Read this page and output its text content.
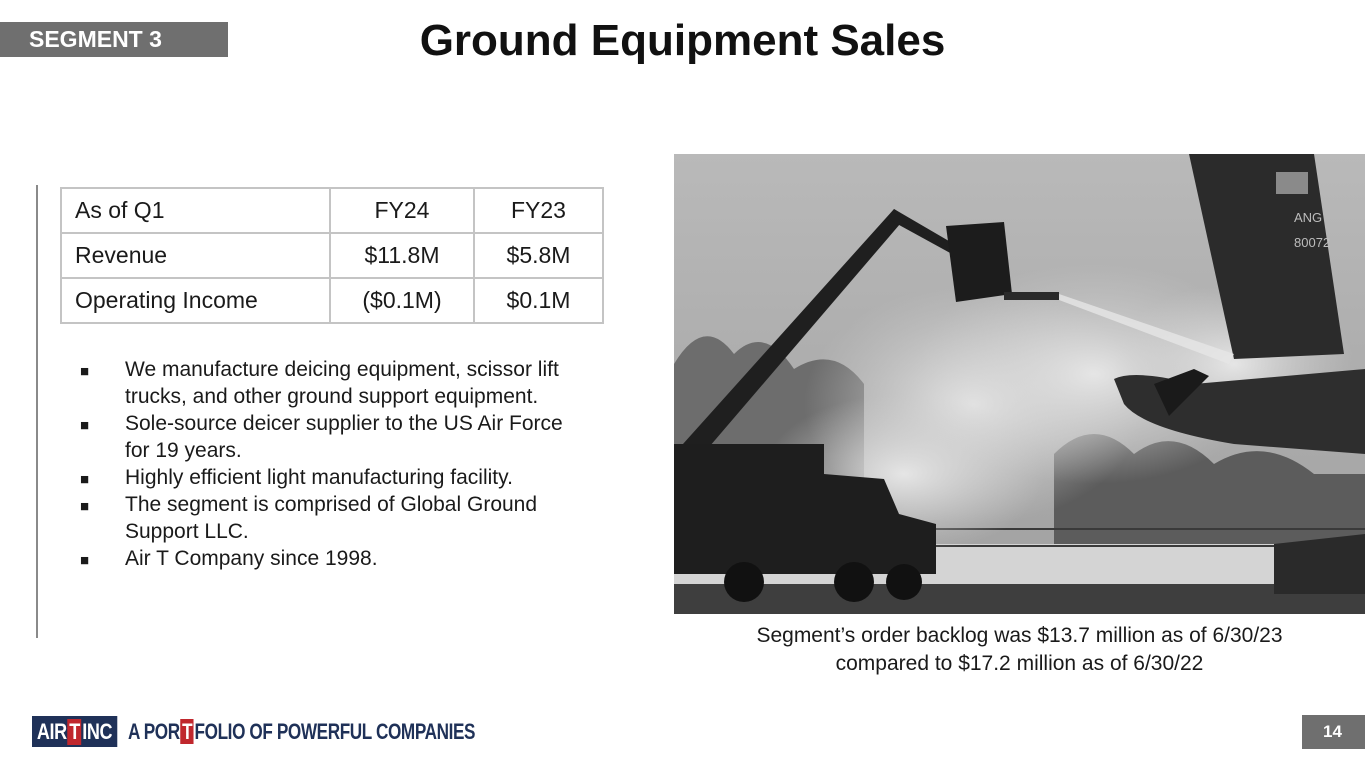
SEGMENT 3	Ground Equipment Sales
As of Q1	FY24	FY23
Revenue	$11.8M	$5.8M
Operating Income	($0.1M)	$0.1M
■ We manufacture deicing equipment, scissor lift trucks, and other ground support equipment.
■ Sole-source deicer supplier to the US Air Force for 19 years.
■ Highly efficient light manufacturing facility.
■ The segment is comprised of Global Ground Support LLC.
■ Air T Company since 1998.
ANG
80072
Segment’s order backlog was $13.7 million as of 6/30/23
compared to $17.2 million as of 6/30/22
AIR T INC A POR T FOLIO OF POWERFUL COMPANIES	14
